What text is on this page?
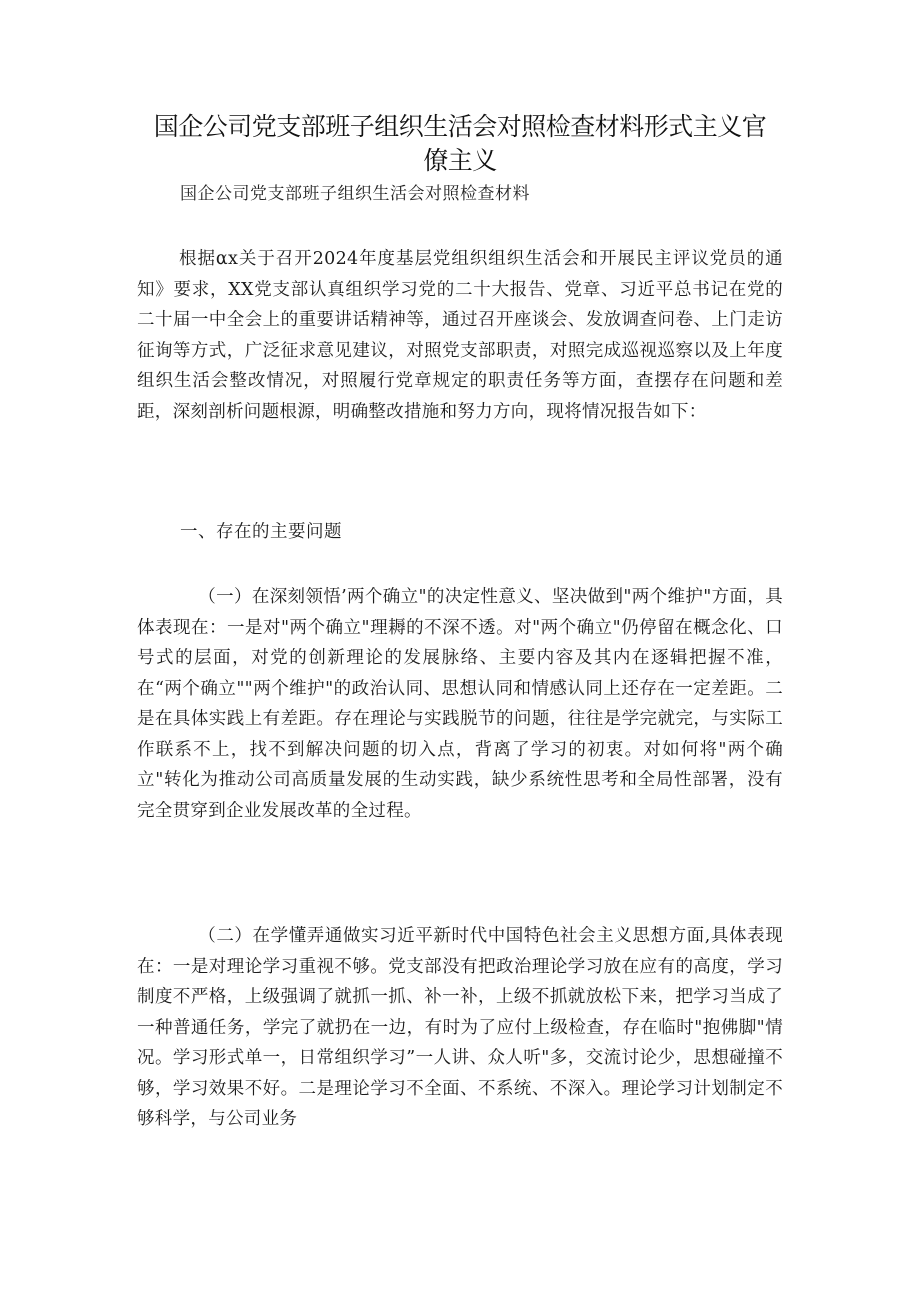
国企公司党支部班子组织生活会对照检查材料形式主义官僚主义

国企公司党支部班子组织生活会对照检查材料

根据αx关于召开2024年度基层党组织组织生活会和开展民主评议党员的通知》要求，XX党支部认真组织学习党的二十大报告、党章、习近平总书记在党的二十届一中全会上的重要讲话精神等，通过召开座谈会、发放调查问卷、上门走访征询等方式，广泛征求意见建议，对照党支部职责，对照完成巡视巡察以及上年度组织生活会整改情况，对照履行党章规定的职责任务等方面，查摆存在问题和差距，深刻剖析问题根源，明确整改措施和努力方向，现将情况报告如下：

一、存在的主要问题

（一）在深刻领悟’两个确立"的决定性意义、坚决做到"两个维护"方面，具体表现在：一是对"两个确立"理耨的不深不透。对"两个确立"仍停留在概念化、口号式的层面，对党的创新理论的发展脉络、主要内容及其内在逐辑把握不准，在“两个确立""两个维护"的政治认同、思想认同和情感认同上还存在一定差距。二是在具体实践上有差距。存在理论与实践脱节的问题，往往是学完就完，与实际工作联系不上，找不到解决问题的切入点，背离了学习的初衷。对如何将"两个确立"转化为推动公司高质量发展的生动实践，缺少系统性思考和全局性部署，没有完全贯穿到企业发展改革的全过程。

（二）在学懂弄通做实习近平新时代中国特色社会主义思想方面,具体表现在：一是对理论学习重视不够。党支部没有把政治理论学习放在应有的高度，学习制度不严格，上级强调了就抓一抓、补一补，上级不抓就放松下来，把学习当成了一种普通任务，学完了就扔在一边，有时为了应付上级检查，存在临时"抱佛脚"情况。学习形式单一，日常组织学习”一人讲、众人听"多，交流讨论少，思想碰撞不够，学习效果不好。二是理论学习不全面、不系统、不深入。理论学习计划制定不够科学，与公司业务
